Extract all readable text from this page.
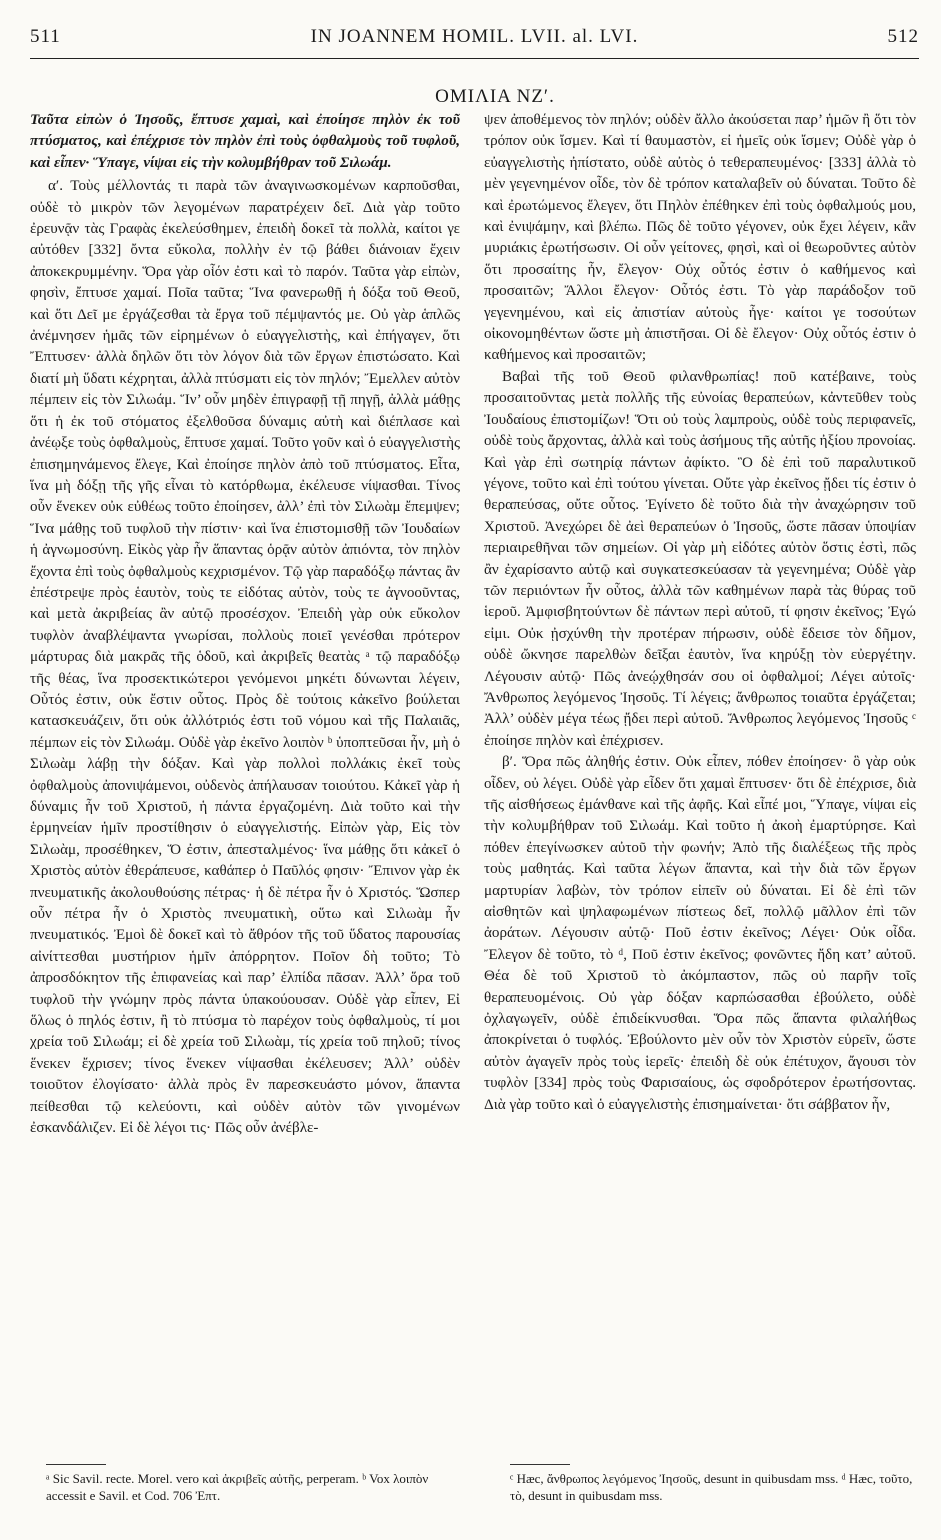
511	IN JOANNEM HOMIL. LVII. al. LVI.	512
ΟΜΙΛΙΑ ΝΖʹ.

Ταῦτα εἰπὼν ὁ Ἰησοῦς, ἔπτυσε χαμαὶ, καὶ ἐποίησε πηλὸν ἐκ τοῦ πτύσματος, καὶ ἐπέχρισε τὸν πηλὸν ἐπὶ τοὺς ὀφθαλμοὺς τοῦ τυφλοῦ, καὶ εἶπεν· Ὕπαγε, νίψαι εἰς τὴν κολυμβήθραν τοῦ Σιλωάμ.

αʹ. Τοὺς μέλλοντάς τι παρὰ τῶν ἀναγινωσκομένων καρποῦσθαι, οὐδὲ τὸ μικρὸν τῶν λεγομένων παρατρέχειν δεῖ. Διὰ γὰρ τοῦτο ἐρευνᾷν τὰς Γραφὰς ἐκελεύσθημεν, ἐπειδὴ δοκεῖ τὰ πολλὰ, καίτοι γε αὐτόθεν [332] ὄντα εὔκολα, πολλὴν ἐν τῷ βάθει διάνοιαν ἔχειν ἀποκεκρυμμένην. Ὅρα γὰρ οἷόν ἐστι καὶ τὸ παρόν. Ταῦτα γὰρ εἰπὼν, φησὶν, ἔπτυσε χαμαί. Ποῖα ταῦτα; Ἵνα φανερωθῇ ἡ δόξα τοῦ Θεοῦ, καὶ ὅτι Δεῖ με ἐργάζεσθαι τὰ ἔργα τοῦ πέμψαντός με. Οὐ γὰρ ἁπλῶς ἀνέμνησεν ἡμᾶς τῶν εἰρημένων ὁ εὐαγγελιστὴς, καὶ ἐπήγαγεν, ὅτι Ἔπτυσεν· ἀλλὰ δηλῶν ὅτι τὸν λόγον διὰ τῶν ἔργων ἐπιστώσατο. Καὶ διατί μὴ ὕδατι κέχρηται, ἀλλὰ πτύσματι εἰς τὸν πηλόν; Ἔμελλεν αὐτὸν πέμπειν εἰς τὸν Σιλωάμ. Ἵν’ οὖν μηδὲν ἐπιγραφῇ τῇ πηγῇ, ἀλλὰ μάθῃς ὅτι ἡ ἐκ τοῦ στόματος ἐξελθοῦσα δύναμις αὐτὴ καὶ διέπλασε καὶ ἀνέῳξε τοὺς ὀφθαλμοὺς, ἔπτυσε χαμαί. Τοῦτο γοῦν καὶ ὁ εὐαγγελιστὴς ἐπισημηνάμενος ἔλεγε, Καὶ ἐποίησε πηλὸν ἀπὸ τοῦ πτύσματος. Εἶτα, ἵνα μὴ δόξῃ τῆς γῆς εἶναι τὸ κατόρθωμα, ἐκέλευσε νίψασθαι. Τίνος οὖν ἕνεκεν οὐκ εὐθέως τοῦτο ἐποίησεν, ἀλλ’ ἐπὶ τὸν Σιλωὰμ ἔπεμψεν; Ἵνα μάθῃς τοῦ τυφλοῦ τὴν πίστιν· καὶ ἵνα ἐπιστομισθῇ τῶν Ἰουδαίων ἡ ἀγνωμοσύνη. Εἰκὸς γὰρ ἦν ἅπαντας ὁρᾷν αὐτὸν ἀπιόντα, τὸν πηλὸν ἔχοντα ἐπὶ τοὺς ὀφθαλμοὺς κεχρισμένον. Τῷ γὰρ παραδόξῳ πάντας ἂν ἐπέστρεψε πρὸς ἑαυτὸν, τοὺς τε εἰδότας αὐτὸν, τοὺς τε ἀγνοοῦντας, καὶ μετὰ ἀκριβείας ἂν αὐτῷ προσέσχον. Ἐπειδὴ γὰρ οὐκ εὔκολον τυφλὸν ἀναβλέψαντα γνωρίσαι, πολλοὺς ποιεῖ γενέσθαι πρότερον μάρτυρας διὰ μακρᾶς τῆς ὁδοῦ, καὶ ἀκριβεῖς θεατὰς ᵃ τῷ παραδόξῳ τῆς θέας, ἵνα προσεκτικώτεροι γενόμενοι μηκέτι δύνωνται λέγειν, Οὗτός ἐστιν, οὐκ ἔστιν οὗτος. Πρὸς δὲ τούτοις κἀκεῖνο βούλεται κατασκευάζειν, ὅτι οὐκ ἀλλότριός ἐστι τοῦ νόμου καὶ τῆς Παλαιᾶς, πέμπων εἰς τὸν Σιλωάμ. Οὐδὲ γὰρ ἐκεῖνο λοιπὸν ᵇ ὑποπτεῦσαι ἦν, μὴ ὁ Σιλωὰμ λάβῃ τὴν δόξαν. Καὶ γὰρ πολλοὶ πολλάκις ἐκεῖ τοὺς ὀφθαλμοὺς ἀπονιψάμενοι, οὐδενὸς ἀπήλαυσαν τοιούτου. Κἀκεῖ γὰρ ἡ δύναμις ἦν τοῦ Χριστοῦ, ἡ πάντα ἐργαζομένη. Διὰ τοῦτο καὶ τὴν ἑρμηνείαν ἡμῖν προστίθησιν ὁ εὐαγγελιστής. Εἰπὼν γὰρ, Εἰς τὸν Σιλωὰμ, προσέθηκεν, Ὅ ἐστιν, ἀπεσταλμένος· ἵνα μάθῃς ὅτι κἀκεῖ ὁ Χριστὸς αὐτὸν ἐθεράπευσε, καθάπερ ὁ Παῦλός φησιν· Ἔπινον γὰρ ἐκ πνευματικῆς ἀκολουθούσης πέτρας· ἡ δὲ πέτρα ἦν ὁ Χριστός. Ὥσπερ οὖν πέτρα ἦν ὁ Χριστὸς πνευματικὴ, οὕτω καὶ Σιλωὰμ ἦν πνευματικός. Ἐμοὶ δὲ δοκεῖ καὶ τὸ ἄθρόον τῆς τοῦ ὕδατος παρουσίας αἰνίττεσθαι μυστήριον ἡμῖν ἀπόρρητον. Ποῖον δὴ τοῦτο; Τὸ ἀπροσδόκητον τῆς ἐπιφανείας καὶ παρ’ ἐλπίδα πᾶσαν. Ἀλλ’ ὅρα τοῦ τυφλοῦ τὴν γνώμην πρὸς πάντα ὑπακούουσαν. Οὐδὲ γὰρ εἶπεν, Εἰ ὅλως ὁ πηλός ἐστιν, ἢ τὸ πτύσμα τὸ παρέχον τοὺς ὀφθαλμοὺς, τί μοι χρεία τοῦ Σιλωάμ; εἰ δὲ χρεία τοῦ Σιλωὰμ, τίς χρεία τοῦ πηλοῦ; τίνος ἕνεκεν ἔχρισεν; τίνος ἕνεκεν νίψασθαι ἐκέλευσεν; Ἀλλ’ οὐδὲν τοιοῦτον ἐλογίσατο· ἀλλὰ πρὸς ἓν παρεσκευάστο μόνον, ἅπαντα πείθεσθαι τῷ κελεύοντι, καὶ οὐδὲν αὐτὸν τῶν γινομένων ἐσκανδάλιζεν. Εἰ δὲ λέγοι τις· Πῶς οὖν ἀνέβλε-

ψεν ἀποθέμενος τὸν πηλόν; οὐδὲν ἄλλο ἀκούσεται παρ’ ἡμῶν ἢ ὅτι τὸν τρόπον οὐκ ἴσμεν. Καὶ τί θαυμαστὸν, εἰ ἡμεῖς οὐκ ἴσμεν; Οὐδὲ γὰρ ὁ εὐαγγελιστὴς ἠπίστατο, οὐδὲ αὐτὸς ὁ τεθεραπευμένος· [333] ἀλλὰ τὸ μὲν γεγενημένον οἶδε, τὸν δὲ τρόπον καταλαβεῖν οὐ δύναται. Τοῦτο δὲ καὶ ἐρωτώμενος ἔλεγεν, ὅτι Πηλὸν ἐπέθηκεν ἐπὶ τοὺς ὀφθαλμούς μου, καὶ ἐνιψάμην, καὶ βλέπω. Πῶς δὲ τοῦτο γέγονεν, οὐκ ἔχει λέγειν, κἂν μυριάκις ἐρωτήσωσιν. Οἱ οὖν γείτονες, φησὶ, καὶ οἱ θεωροῦντες αὐτὸν ὅτι προσαίτης ἦν, ἔλεγον· Οὐχ οὗτός ἐστιν ὁ καθήμενος καὶ προσαιτῶν; Ἄλλοι ἔλεγον· Οὗτός ἐστι. Τὸ γὰρ παράδοξον τοῦ γεγενημένου, καὶ εἰς ἀπιστίαν αὐτοὺς ἦγε· καίτοι γε τοσούτων οἰκονομηθέντων ὥστε μὴ ἀπιστῆσαι. Οἱ δὲ ἔλεγον· Οὐχ οὗτός ἐστιν ὁ καθήμενος καὶ προσαιτῶν;

Βαβαὶ τῆς τοῦ Θεοῦ φιλανθρωπίας! ποῦ κατέβαινε, τοὺς προσαιτοῦντας μετὰ πολλῆς τῆς εὐνοίας θεραπεύων, κἀντεῦθεν τοὺς Ἰουδαίους ἐπιστομίζων! Ὅτι οὐ τοὺς λαμπροὺς, οὐδὲ τοὺς περιφανεῖς, οὐδὲ τοὺς ἄρχοντας, ἀλλὰ καὶ τοὺς ἀσήμους τῆς αὐτῆς ἠξίου προνοίας. Καὶ γὰρ ἐπὶ σωτηρίᾳ πάντων ἀφίκτο. Ὃ δὲ ἐπὶ τοῦ παραλυτικοῦ γέγονε, τοῦτο καὶ ἐπὶ τούτου γίνεται. Οὔτε γὰρ ἐκεῖνος ᾔδει τίς ἐστιν ὁ θεραπεύσας, οὔτε οὗτος. Ἐγίνετο δὲ τοῦτο διὰ τὴν ἀναχώρησιν τοῦ Χριστοῦ. Ἀνεχώρει δὲ ἀεὶ θεραπεύων ὁ Ἰησοῦς, ὥστε πᾶσαν ὑποψίαν περιαιρεθῆναι τῶν σημείων. Οἱ γὰρ μὴ εἰδότες αὐτὸν ὅστις ἐστὶ, πῶς ἂν ἐχαρίσαντο αὐτῷ καὶ συγκατεσκεύασαν τὰ γεγενημένα; Οὐδὲ γὰρ τῶν περιιόντων ἦν οὗτος, ἀλλὰ τῶν καθημένων παρὰ τὰς θύρας τοῦ ἱεροῦ. Ἀμφισβητούντων δὲ πάντων περὶ αὐτοῦ, τί φησιν ἐκεῖνος; Ἐγώ εἰμι. Οὐκ ᾐσχύνθη τὴν προτέραν πήρωσιν, οὐδὲ ἔδεισε τὸν δῆμον, οὐδὲ ὤκνησε παρελθὼν δεῖξαι ἑαυτὸν, ἵνα κηρύξῃ τὸν εὐεργέτην. Λέγουσιν αὐτῷ· Πῶς ἀνεῴχθησάν σου οἱ ὀφθαλμοί; Λέγει αὐτοῖς· Ἄνθρωπος λεγόμενος Ἰησοῦς. Τί λέγεις; ἄνθρωπος τοιαῦτα ἐργάζεται; Ἀλλ’ οὐδὲν μέγα τέως ᾔδει περὶ αὐτοῦ. Ἄνθρωπος λεγόμενος Ἰησοῦς ᶜ ἐποίησε πηλὸν καὶ ἐπέχρισεν.

βʹ. Ὅρα πῶς ἀληθής ἐστιν. Οὐκ εἶπεν, πόθεν ἐποίησεν· ὃ γὰρ οὐκ οἶδεν, οὐ λέγει. Οὐδὲ γὰρ εἶδεν ὅτι χαμαὶ ἔπτυσεν· ὅτι δὲ ἐπέχρισε, διὰ τῆς αἰσθήσεως ἐμάνθανε καὶ τῆς ἀφῆς. Καὶ εἶπέ μοι, Ὕπαγε, νίψαι εἰς τὴν κολυμβήθραν τοῦ Σιλωάμ. Καὶ τοῦτο ἡ ἀκοὴ ἐμαρτύρησε. Καὶ πόθεν ἐπεγίνωσκεν αὐτοῦ τὴν φωνήν; Ἀπὸ τῆς διαλέξεως τῆς πρὸς τοὺς μαθητάς. Καὶ ταῦτα λέγων ἅπαντα, καὶ τὴν διὰ τῶν ἔργων μαρτυρίαν λαβὼν, τὸν τρόπον εἰπεῖν οὐ δύναται. Εἰ δὲ ἐπὶ τῶν αἰσθητῶν καὶ ψηλαφωμένων πίστεως δεῖ, πολλῷ μᾶλλον ἐπὶ τῶν ἀοράτων. Λέγουσιν αὐτῷ· Ποῦ ἐστιν ἐκεῖνος; Λέγει· Οὐκ οἶδα. Ἔλεγον δὲ τοῦτο, τὸ ᵈ, Ποῦ ἐστιν ἐκεῖνος; φονῶντες ἤδη κατ’ αὐτοῦ. Θέα δὲ τοῦ Χριστοῦ τὸ ἀκόμπαστον, πῶς οὐ παρῆν τοῖς θεραπευομένοις. Οὐ γὰρ δόξαν καρπώσασθαι ἐβούλετο, οὐδὲ ὀχλαγωγεῖν, οὐδὲ ἐπιδείκνυσθαι. Ὅρα πῶς ἅπαντα φιλαλήθως ἀποκρίνεται ὁ τυφλός. Ἐβούλοντο μὲν οὖν τὸν Χριστὸν εὑρεῖν, ὥστε αὐτὸν ἀγαγεῖν πρὸς τοὺς ἱερεῖς· ἐπειδὴ δὲ οὐκ ἐπέτυχον, ἄγουσι τὸν τυφλὸν [334] πρὸς τοὺς Φαρισαίους, ὡς σφοδρότερον ἐρωτήσοντας. Διὰ γὰρ τοῦτο καὶ ὁ εὐαγγελιστὴς ἐπισημαίνεται· ὅτι σάββατον ἦν,

ᵃ Sic Savil. recte. Morel. vero καὶ ἀκριβεῖς αὐτῆς, perperam. ᵇ Vox λοιπὸν accessit e Savil. et Cod. 706 Ἐπτ.
ᶜ Hæc, ἄνθρωπος λεγόμενος Ἰησοῦς, desunt in quibusdam mss. ᵈ Hæc, τοῦτο, τὸ, desunt in quibusdam mss.
